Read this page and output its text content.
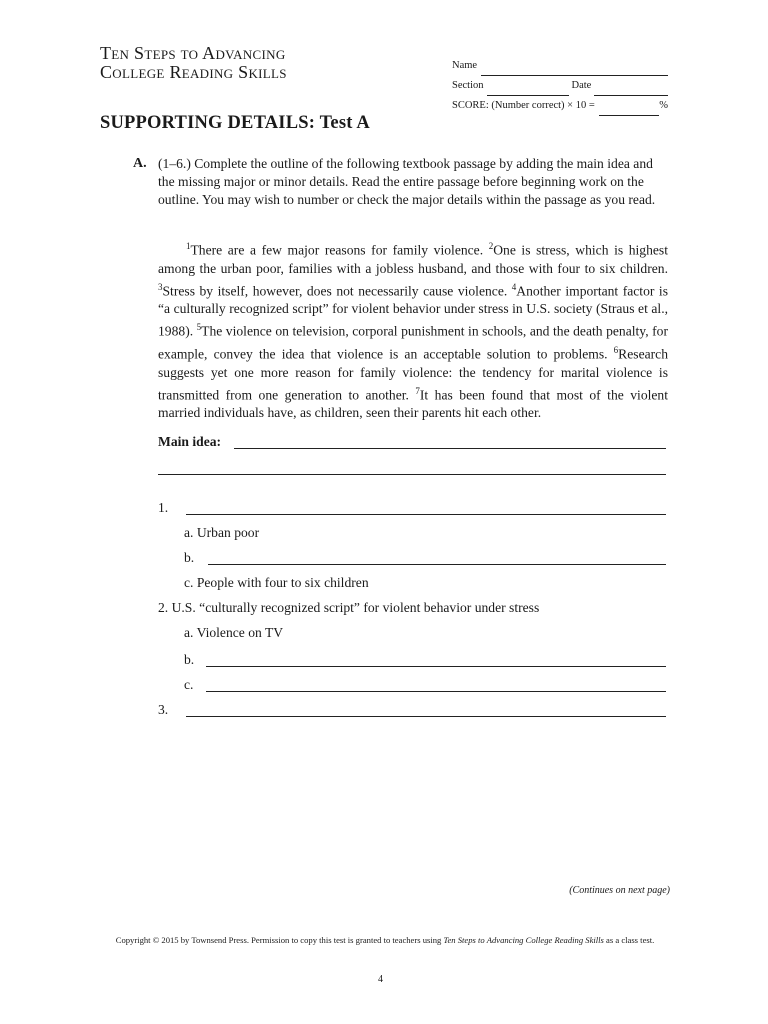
Ten Steps to Advancing
College Reading Skills	Name
Section	Date
SCORE: (Number correct) × 10 =	%
SUPPORTING DETAILS: Test A
A. (1–6.) Complete the outline of the following textbook passage by adding the main idea and the missing major or minor details. Read the entire passage before beginning work on the outline. You may wish to number or check the major details within the passage as you read.
$^1$There are a few major reasons for family violence. $^2$One is stress, which is highest among the urban poor, families with a jobless husband, and those with four to six children. $^3$Stress by itself, however, does not necessarily cause violence. $^4$Another important factor is “a culturally recognized script” for violent behavior under stress in U.S. society (Straus et al., 1988). $^5$The violence on television, corporal punishment in schools, and the death penalty, for example, convey the idea that violence is an acceptable solution to problems. $^6$Research suggests yet one more reason for family violence: the tendency for marital violence is transmitted from one generation to another. $^7$It has been found that most of the violent married individuals have, as children, seen their parents hit each other.
Main idea:
1.
a. Urban poor
b.
c. People with four to six children
2. U.S. “culturally recognized script” for violent behavior under stress
a. Violence on TV
b.
c.
3.
(Continues on next page)
Copyright © 2015 by Townsend Press. Permission to copy this test is granted to teachers using Ten Steps to Advancing College Reading Skills as a class test.
4
